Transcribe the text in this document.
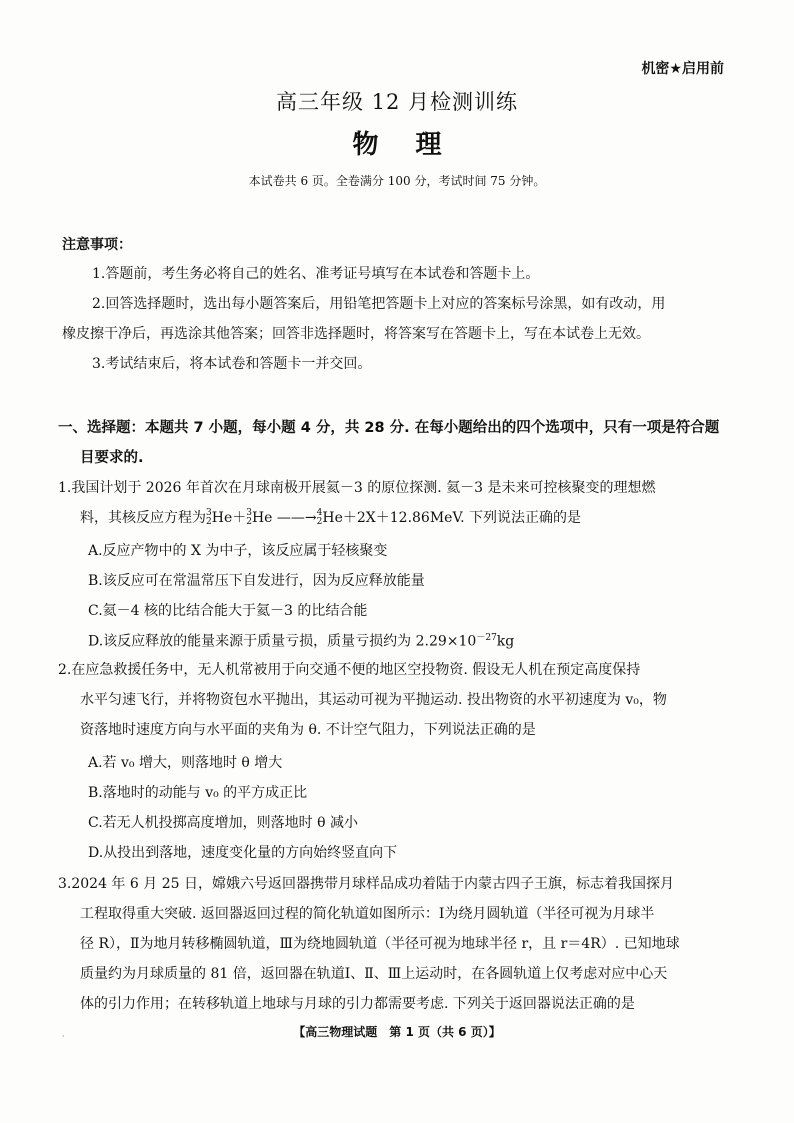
机密★启用前
高三年级 12 月检测训练
物 理
本试卷共 6 页。全卷满分 100 分，考试时间 75 分钟。
注意事项：
1.答题前，考生务必将自己的姓名、准考证号填写在本试卷和答题卡上。
2.回答选择题时，选出每小题答案后，用铅笔把答题卡上对应的答案标号涂黑，如有改动，用
橡皮擦干净后，再选涂其他答案；回答非选择题时，将答案写在答题卡上，写在本试卷上无效。
3.考试结束后，将本试卷和答题卡一并交回。
一、选择题：本题共 7 小题，每小题 4 分，共 28 分. 在每小题给出的四个选项中，只有一项是符合题
目要求的.
1.我国计划于 2026 年首次在月球南极开展氦－3 的原位探测. 氦－3 是未来可控核聚变的理想燃
料，其核反应方程为3
2He＋3
2He ——→4
2He＋2X＋12.86MeV. 下列说法正确的是
A.反应产物中的 X 为中子，该反应属于轻核聚变
B.该反应可在常温常压下自发进行，因为反应释放能量
C.氦－4 核的比结合能大于氦－3 的比结合能
D.该反应释放的能量来源于质量亏损，质量亏损约为 $2.29\times 10^{-27}kg$
2.在应急救援任务中，无人机常被用于向交通不便的地区空投物资. 假设无人机在预定高度保持
水平匀速飞行，并将物资包水平抛出，其运动可视为平抛运动. 投出物资的水平初速度为 v₀，物
资落地时速度方向与水平面的夹角为 θ. 不计空气阻力，下列说法正确的是
A.若 v₀ 增大，则落地时 θ 增大
B.落地时的动能与 v₀ 的平方成正比
C.若无人机投掷高度增加，则落地时 θ 减小
D.从投出到落地，速度变化量的方向始终竖直向下
3.2024 年 6 月 25 日，嫦娥六号返回器携带月球样品成功着陆于内蒙古四子王旗，标志着我国探月
工程取得重大突破. 返回器返回过程的简化轨道如图所示：Ⅰ为绕月圆轨道（半径可视为月球半
径 R），Ⅱ为地月转移椭圆轨道，Ⅲ为绕地圆轨道（半径可视为地球半径 r，且 r＝4R）. 已知地球
质量约为月球质量的 81 倍，返回器在轨道Ⅰ、Ⅱ、Ⅲ上运动时，在各圆轨道上仅考虑对应中心天
体的引力作用；在转移轨道上地球与月球的引力都需要考虑. 下列关于返回器说法正确的是
·	【高三物理试题　第 1 页（共 6 页）】
